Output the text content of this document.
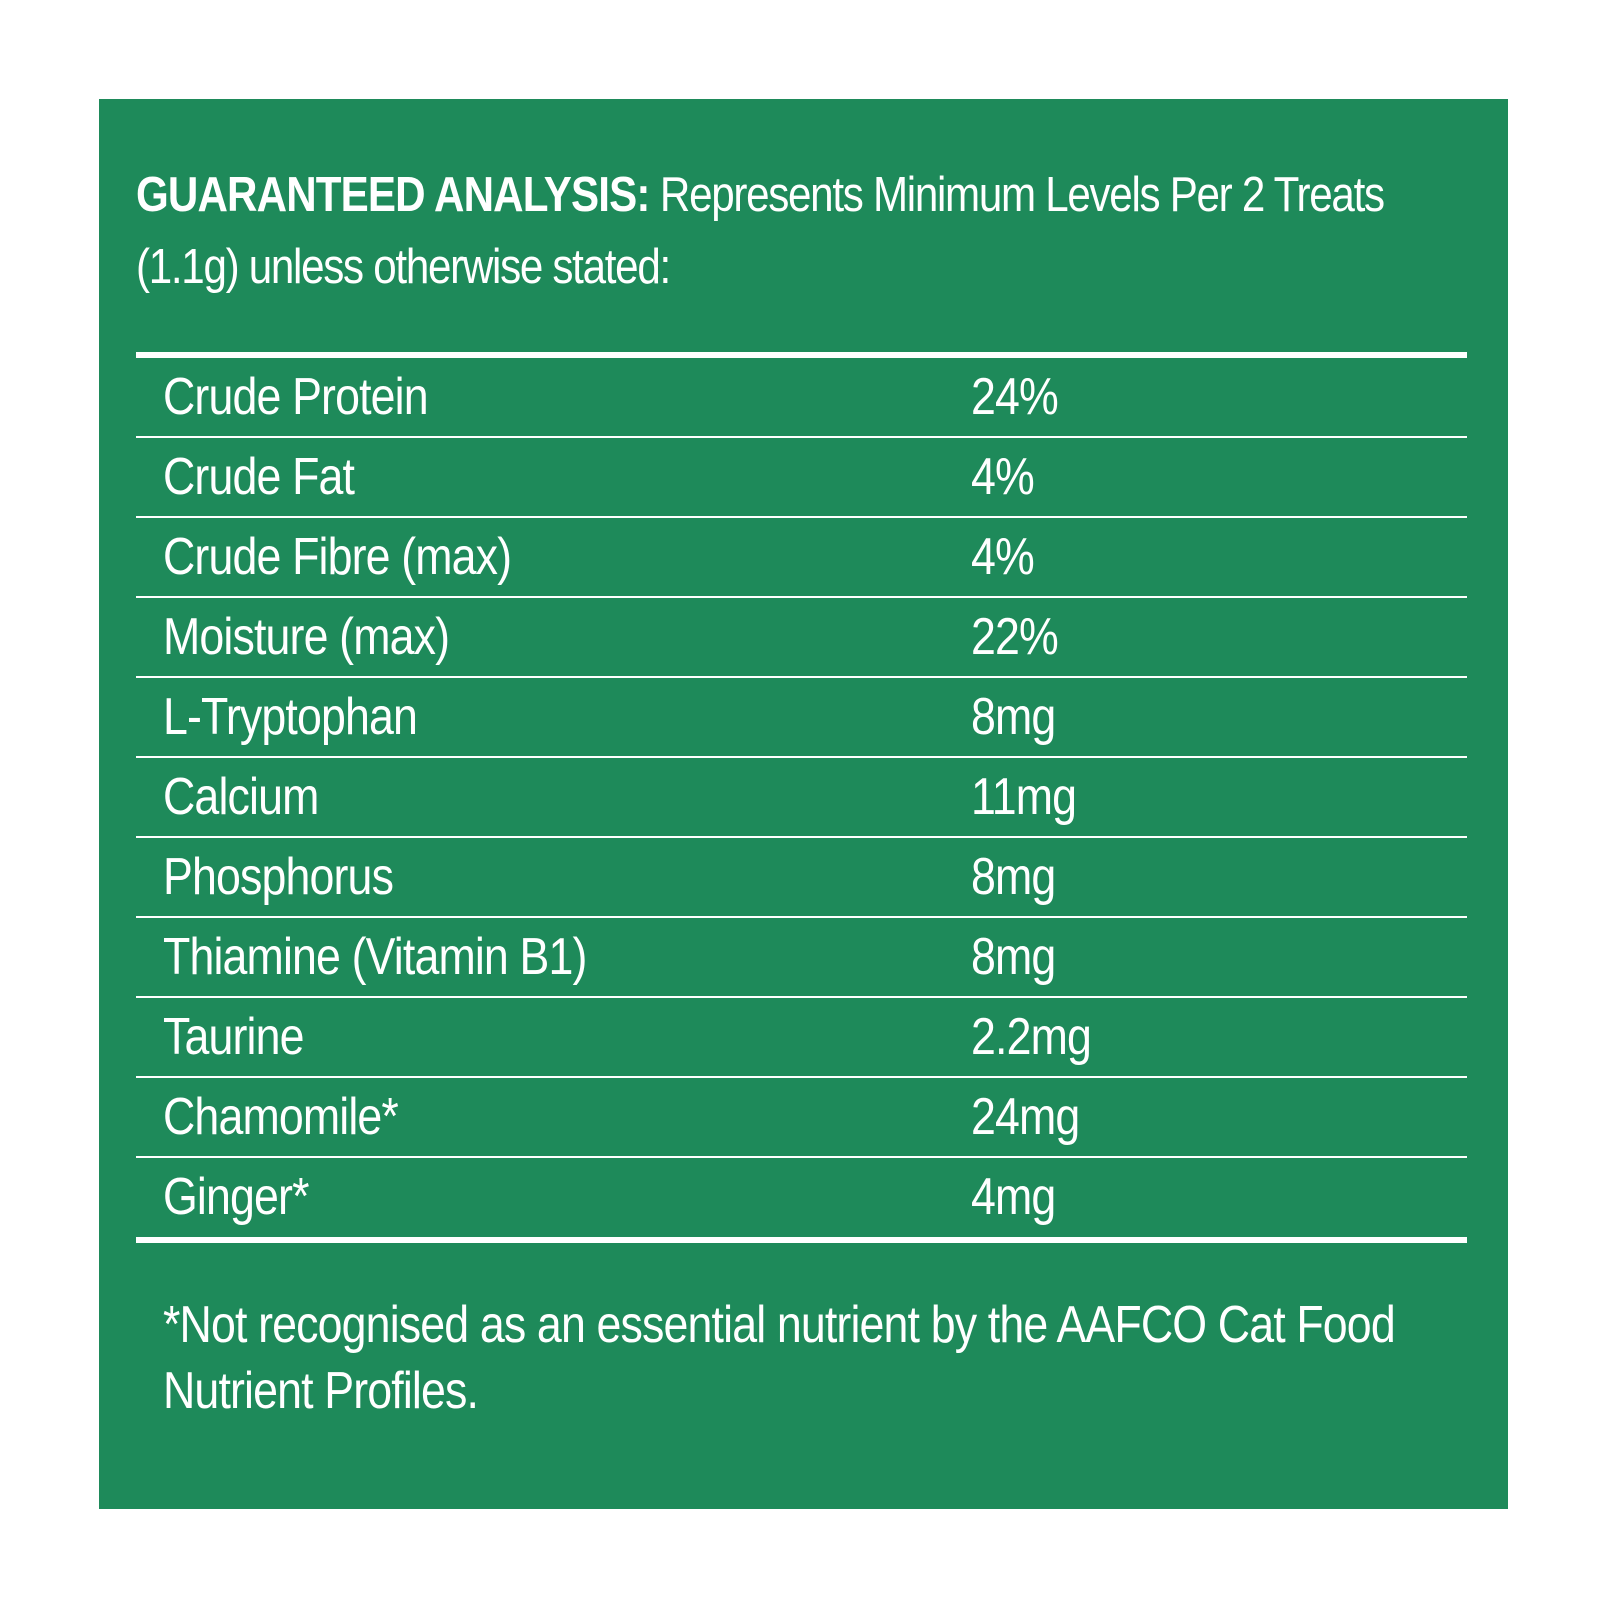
GUARANTEED ANALYSIS: Represents Minimum Levels Per 2 Treats (1.1g) unless otherwise stated:
Crude Protein	24%
Crude Fat	4%
Crude Fibre (max)	4%
Moisture (max)	22%
L-Tryptophan	8mg
Calcium	11mg
Phosphorus	8mg
Thiamine (Vitamin B1)	8mg
Taurine	2.2mg
Chamomile*	24mg
Ginger*	4mg
*Not recognised as an essential nutrient by the AAFCO Cat Food Nutrient Profiles.
